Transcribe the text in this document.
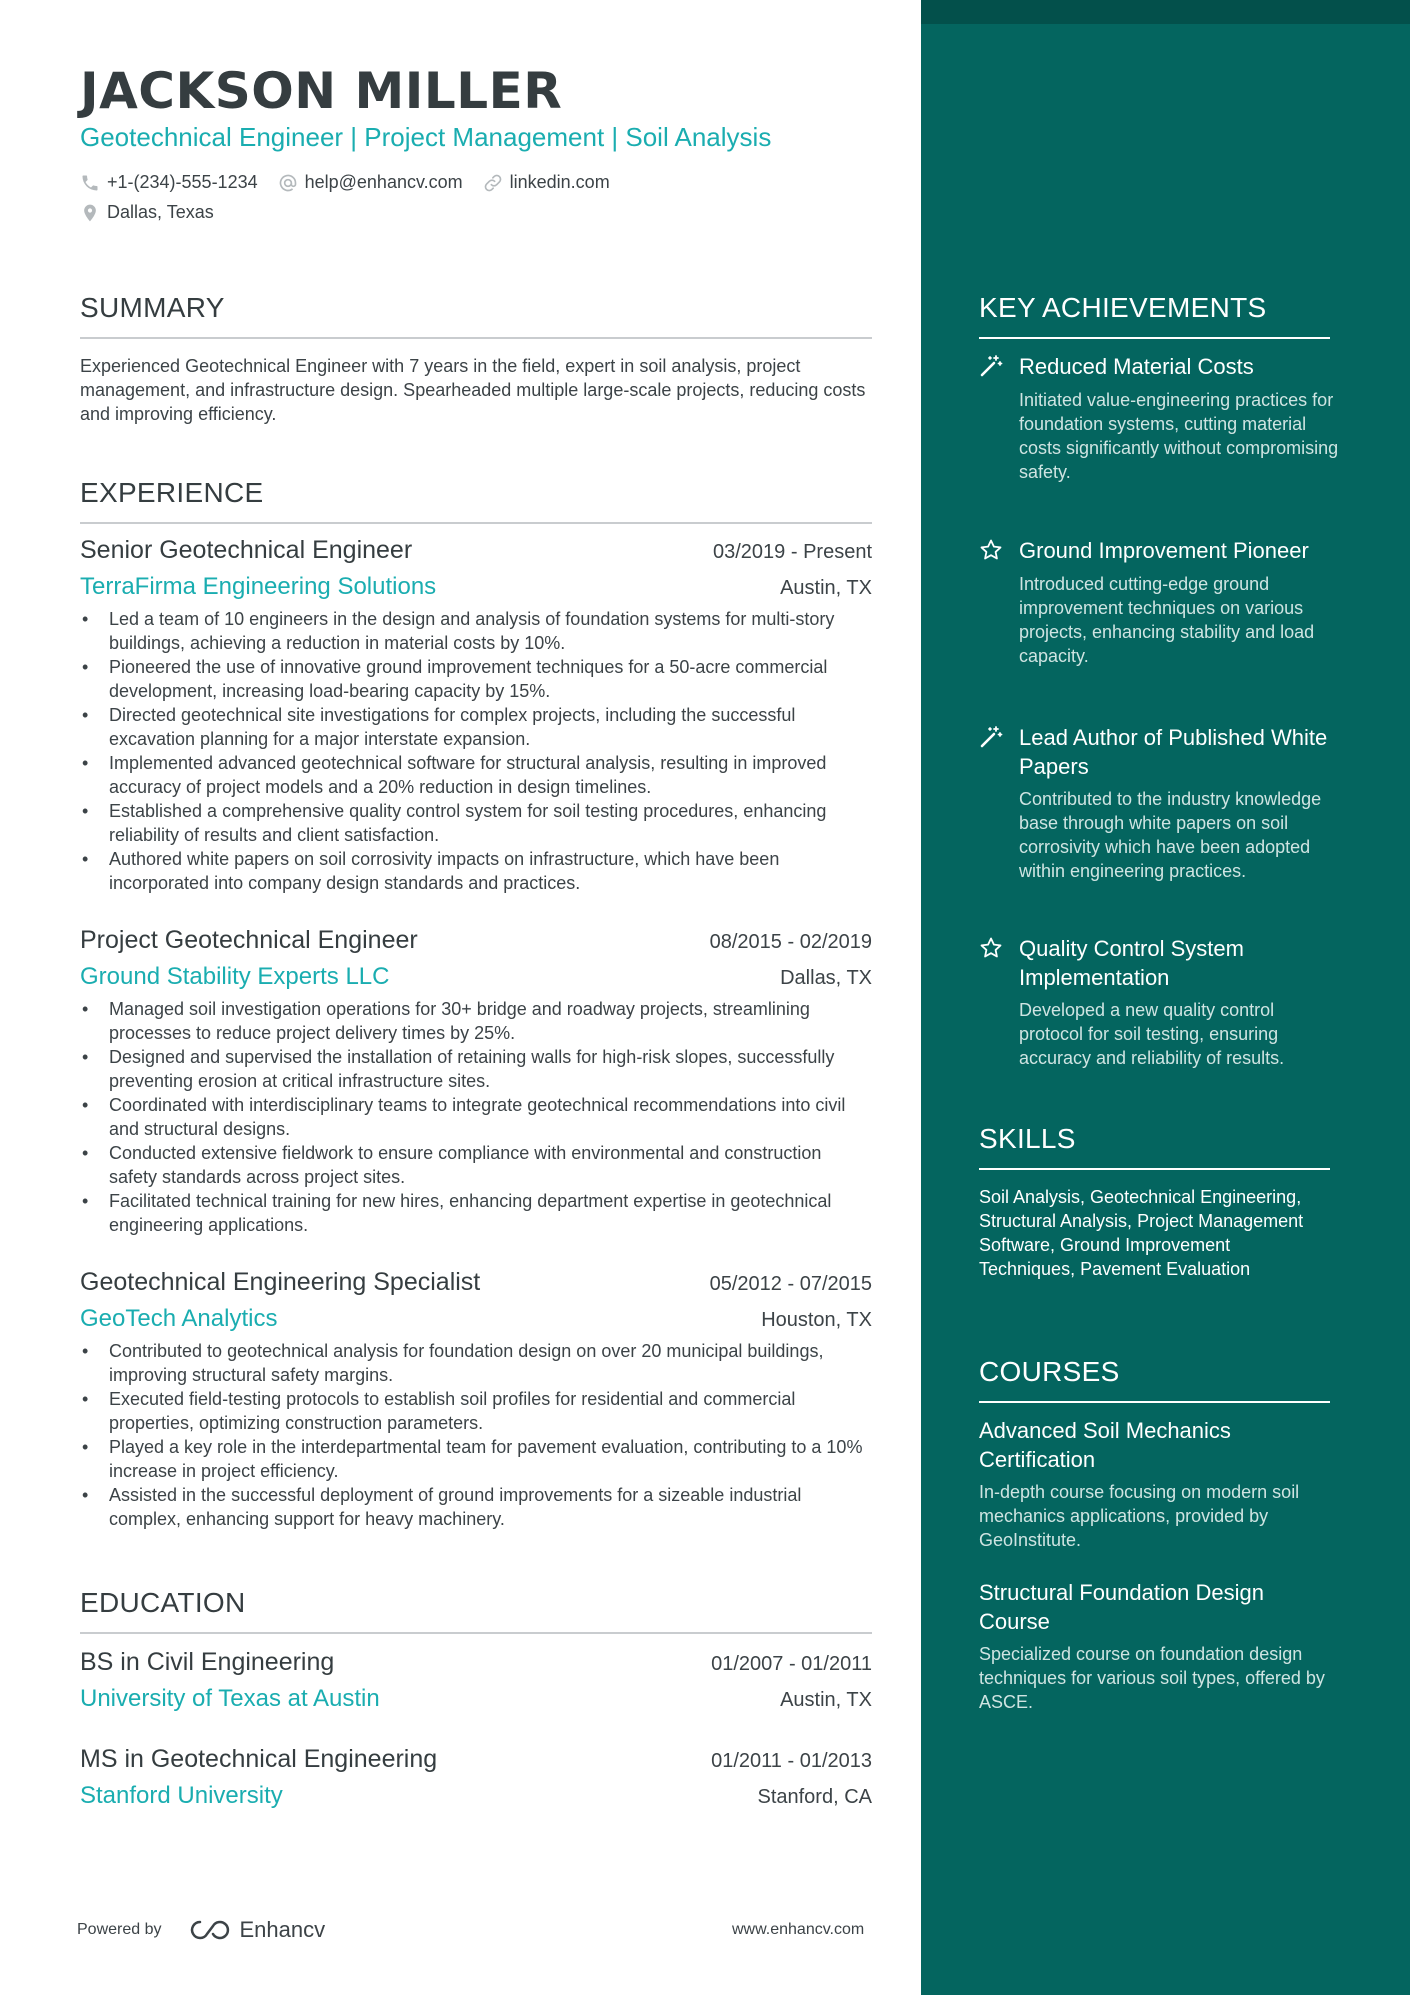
JACKSON MILLER

Geotechnical Engineer | Project Management | Soil Analysis

+1-(234)-555-1234	help@enhancv.com	linkedin.com
Dallas, Texas
SUMMARY

Experienced Geotechnical Engineer with 7 years in the field, expert in soil analysis, project management, and infrastructure design. Spearheaded multiple large-scale projects, reducing costs and improving efficiency.

EXPERIENCE
Senior Geotechnical Engineer	03/2019 - Present
TerraFirma Engineering Solutions	Austin, TX
• Led a team of 10 engineers in the design and analysis of foundation systems for multi-story buildings, achieving a reduction in material costs by 10%.
• Pioneered the use of innovative ground improvement techniques for a 50-acre commercial development, increasing load-bearing capacity by 15%.
• Directed geotechnical site investigations for complex projects, including the successful excavation planning for a major interstate expansion.
• Implemented advanced geotechnical software for structural analysis, resulting in improved accuracy of project models and a 20% reduction in design timelines.
• Established a comprehensive quality control system for soil testing procedures, enhancing reliability of results and client satisfaction.
• Authored white papers on soil corrosivity impacts on infrastructure, which have been incorporated into company design standards and practices.
Project Geotechnical Engineer	08/2015 - 02/2019
Ground Stability Experts LLC	Dallas, TX
• Managed soil investigation operations for 30+ bridge and roadway projects, streamlining processes to reduce project delivery times by 25%.
• Designed and supervised the installation of retaining walls for high-risk slopes, successfully preventing erosion at critical infrastructure sites.
• Coordinated with interdisciplinary teams to integrate geotechnical recommendations into civil and structural designs.
• Conducted extensive fieldwork to ensure compliance with environmental and construction safety standards across project sites.
• Facilitated technical training for new hires, enhancing department expertise in geotechnical engineering applications.
Geotechnical Engineering Specialist	05/2012 - 07/2015
GeoTech Analytics	Houston, TX
• Contributed to geotechnical analysis for foundation design on over 20 municipal buildings, improving structural safety margins.
• Executed field-testing protocols to establish soil profiles for residential and commercial properties, optimizing construction parameters.
• Played a key role in the interdepartmental team for pavement evaluation, contributing to a 10% increase in project efficiency.
• Assisted in the successful deployment of ground improvements for a sizeable industrial complex, enhancing support for heavy machinery.
EDUCATION
BS in Civil Engineering	01/2007 - 01/2011
University of Texas at Austin	Austin, TX
MS in Geotechnical Engineering	01/2011 - 01/2013
Stanford University	Stanford, CA
Powered by	Enhancv	www.enhancv.com
KEY ACHIEVEMENTS
Reduced Material Costs
Initiated value-engineering practices for foundation systems, cutting material costs significantly without compromising safety.
Ground Improvement Pioneer
Introduced cutting-edge ground improvement techniques on various projects, enhancing stability and load capacity.
Lead Author of Published White Papers
Contributed to the industry knowledge base through white papers on soil corrosivity which have been adopted within engineering practices.
Quality Control System Implementation
Developed a new quality control protocol for soil testing, ensuring accuracy and reliability of results.
SKILLS

Soil Analysis, Geotechnical Engineering, Structural Analysis, Project Management Software, Ground Improvement Techniques, Pavement Evaluation

COURSES
Advanced Soil Mechanics Certification
In-depth course focusing on modern soil mechanics applications, provided by GeoInstitute.
Structural Foundation Design Course
Specialized course on foundation design techniques for various soil types, offered by ASCE.
